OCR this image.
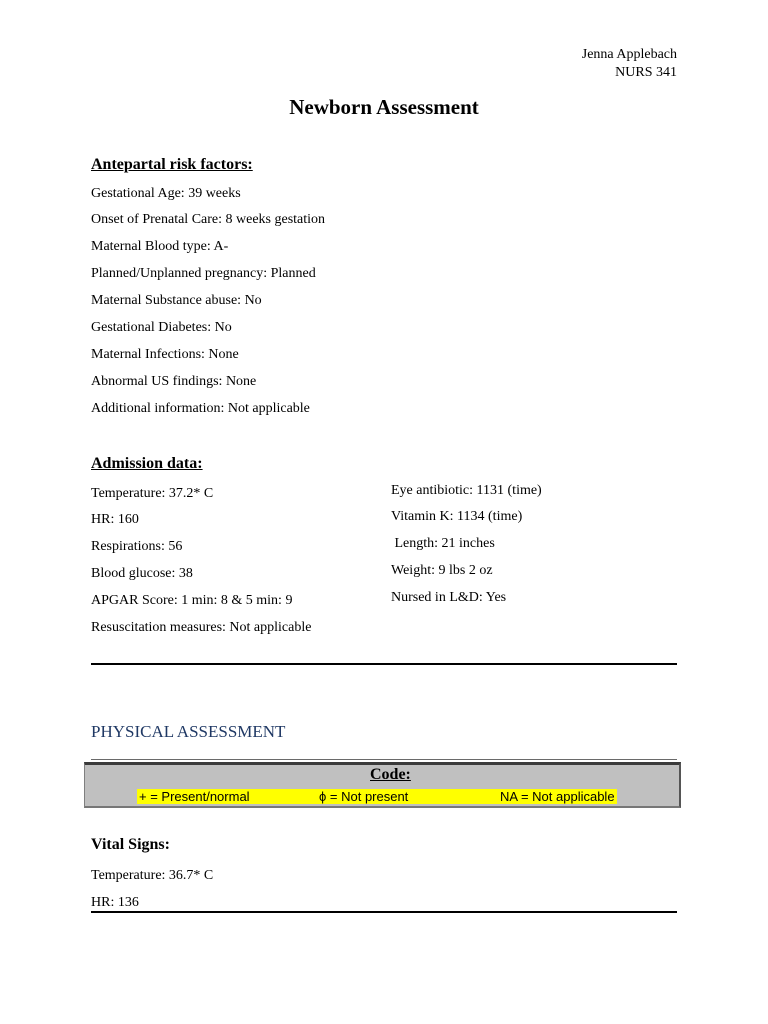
Jenna Applebach
NURS 341
Newborn Assessment
Antepartal risk factors:
Gestational Age: 39 weeks
Onset of Prenatal Care: 8 weeks gestation
Maternal Blood type: A-
Planned/Unplanned pregnancy: Planned
Maternal Substance abuse: No
Gestational Diabetes: No
Maternal Infections: None
Abnormal US findings: None
Additional information: Not applicable
Admission data:
Temperature: 37.2* C
HR: 160
Respirations: 56
Blood glucose: 38
APGAR Score: 1 min: 8 & 5 min: 9
Resuscitation measures: Not applicable
Eye antibiotic: 1131 (time)
Vitamin K: 1134 (time)
Length: 21 inches
Weight: 9 lbs 2 oz
Nursed in L&D: Yes
PHYSICAL ASSESSMENT
Code:
+ = Present/normal	ϕ = Not present	NA = Not applicable
Vital Signs:
Temperature: 36.7* C
HR: 136
